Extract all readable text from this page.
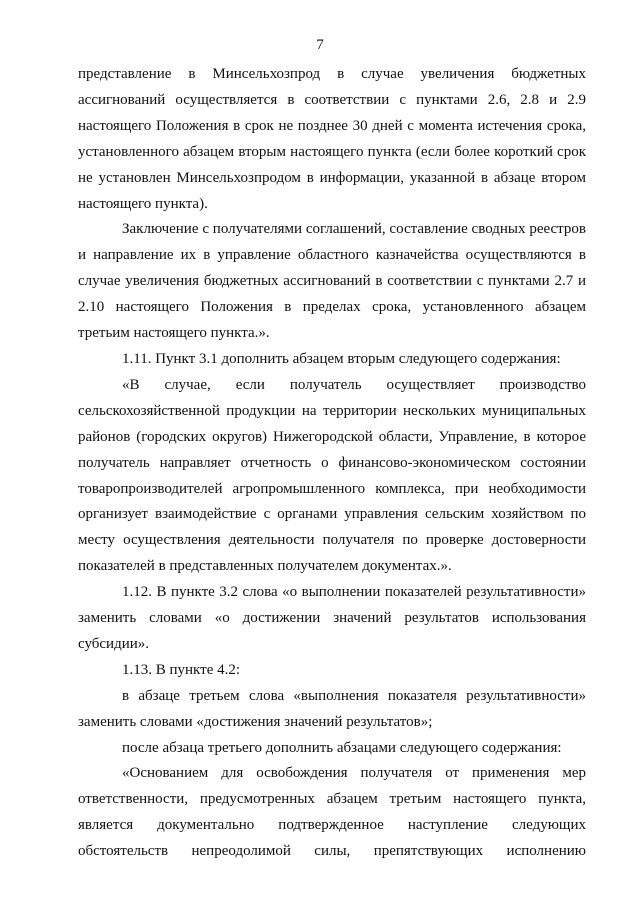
7

представление в Минсельхозпрод в случае увеличения бюджетных ассигнований осуществляется в соответствии с пунктами 2.6, 2.8 и 2.9 настоящего Положения в срок не позднее 30 дней с момента истечения срока, установленного абзацем вторым настоящего пункта (если более короткий срок не установлен Минсельхозпродом в информации, указанной в абзаце втором настоящего пункта).

Заключение с получателями соглашений, составление сводных реестров и направление их в управление областного казначейства осуществляются в случае увеличения бюджетных ассигнований в соответствии с пунктами 2.7 и 2.10 настоящего Положения в пределах срока, установленного абзацем третьим настоящего пункта.».

1.11. Пункт 3.1 дополнить абзацем вторым следующего содержания:

«В случае, если получатель осуществляет производство сельскохозяйственной продукции на территории нескольких муниципальных районов (городских округов) Нижегородской области, Управление, в которое получатель направляет отчетность о финансово-экономическом состоянии товаропроизводителей агропромышленного комплекса, при необходимости организует взаимодействие с органами управления сельским хозяйством по месту осуществления деятельности получателя по проверке достоверности показателей в представленных получателем документах.».

1.12. В пункте 3.2 слова «о выполнении показателей результативности» заменить словами «о достижении значений результатов использования субсидии».

1.13. В пункте 4.2:

в абзаце третьем слова «выполнения показателя результативности» заменить словами «достижения значений результатов»;

после абзаца третьего дополнить абзацами следующего содержания:

«Основанием для освобождения получателя от применения мер ответственности, предусмотренных абзацем третьим настоящего пункта, является документально подтвержденное наступление следующих обстоятельств непреодолимой силы, препятствующих исполнению
